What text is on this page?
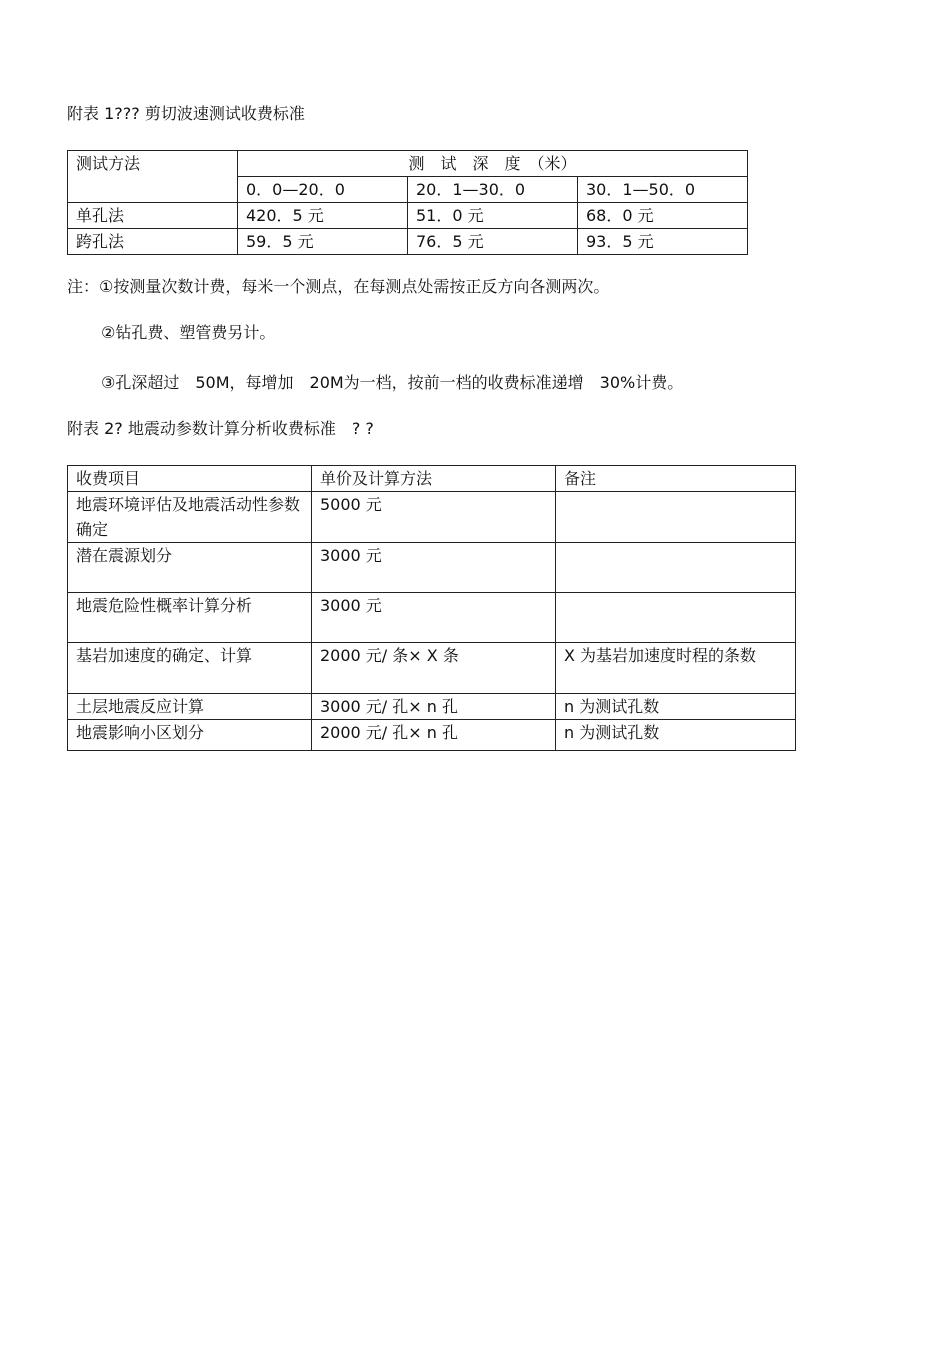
附表 1??? 剪切波速测试收费标准
测试方法	测　试　深　度　（米）		
	0．0—20．0	20．1—30．0	30．1—50．0
单孔法	420．5 元	51．0 元	68．0 元
跨孔法	59．5 元	76．5 元	93．5 元
注：①按测量次数计费，每米一个测点，在每测点处需按正反方向各测两次。
②钻孔费、塑管费另计。
③孔深超过　50M，每增加　20M为一档，按前一档的收费标准递增　30%计费。
附表 2? 地震动参数计算分析收费标准　? ?
收费项目	单价及计算方法	备注
地震环境评估及地震活动性参数确定	5000 元	
潜在震源划分	3000 元	
地震危险性概率计算分析	3000 元	
基岩加速度的确定、计算	2000 元/ 条× X 条	X 为基岩加速度时程的条数
土层地震反应计算	3000 元/ 孔× n 孔	n 为测试孔数
地震影响小区划分	2000 元/ 孔× n 孔	n 为测试孔数
